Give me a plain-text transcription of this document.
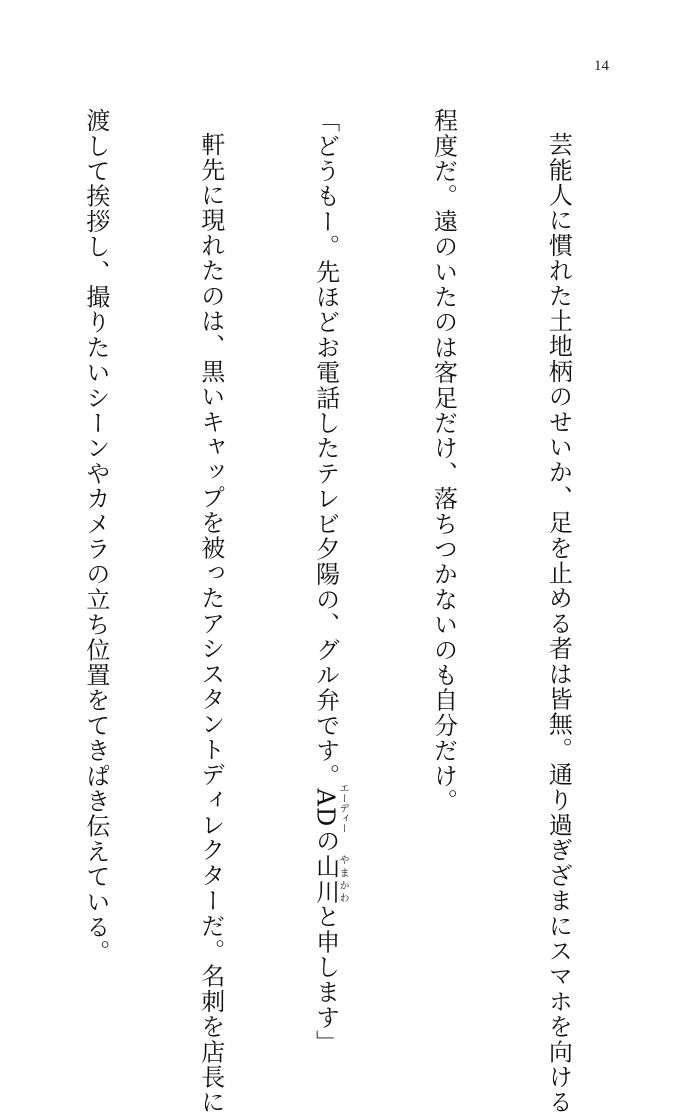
14

芸能人に慣れた土地柄のせいか、足を止める者は皆無。通り過ぎざまにスマホを向ける

程度だ。遠のいたのは客足だけ、落ちつかないのも自分だけ。

「どうもー。先ほどお電話したテレビ夕陽の、グル弁です。ADエーディーの山川やまかわと申します」

軒先に現れたのは、黒いキャップを被ったアシスタントディレクターだ。名刺を店長に

渡して挨拶し、撮りたいシーンやカメラの立ち位置をてきぱき伝えている。
